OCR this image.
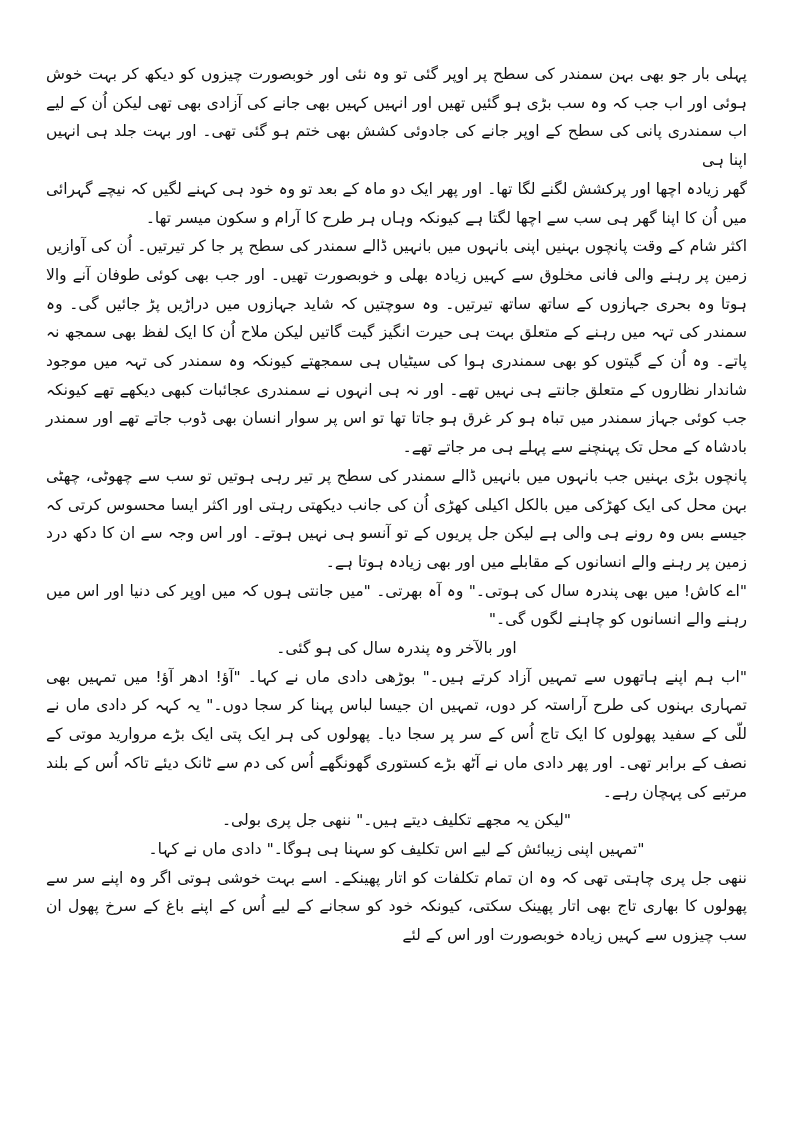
پہلی بار جو بھی بہن سمندر کی سطح پر اوپر گئی تو وہ نئی اور خوبصورت چیزوں کو دیکھ کر بہت خوش ہوئی اور اب جب کہ وہ سب بڑی ہو گئیں تھیں اور انہیں کہیں بھی جانے کی آزادی بھی تھی لیکن اُن کے لیے اب سمندری پانی کی سطح کے اوپر جانے کی جادوئی کشش بھی ختم ہو گئی تھی۔ اور بہت جلد ہی انہیں اپنا ہی

گھر زیادہ اچھا اور پرکشش لگنے لگا تھا۔ اور پھر ایک دو ماہ کے بعد تو وہ خود ہی کہنے لگیں کہ نیچے گہرائی میں اُن کا اپنا گھر ہی سب سے اچھا لگتا ہے کیونکہ وہاں ہر طرح کا آرام و سکون میسر تھا۔

اکثر شام کے وقت پانچوں بہنیں اپنی بانہوں میں بانہیں ڈالے سمندر کی سطح پر جا کر تیرتیں۔ اُن کی آوازیں زمین پر رہنے والی فانی مخلوق سے کہیں زیادہ بھلی و خوبصورت تھیں۔ اور جب بھی کوئی طوفان آنے والا ہوتا وہ بحری جہازوں کے ساتھ ساتھ تیرتیں۔ وہ سوچتیں کہ شاید جہازوں میں دراڑیں پڑ جائیں گی۔ وہ سمندر کی تہہ میں رہنے کے متعلق بہت ہی حیرت انگیز گیت گاتیں لیکن ملاح اُن کا ایک لفظ بھی سمجھ نہ پاتے۔ وہ اُن کے گیتوں کو بھی سمندری ہوا کی سیٹیاں ہی سمجھتے کیونکہ وہ سمندر کی تہہ میں موجود شاندار نظاروں کے متعلق جانتے ہی نہیں تھے۔ اور نہ ہی انہوں نے سمندری عجائبات کبھی دیکھے تھے کیونکہ جب کوئی جہاز سمندر میں تباہ ہو کر غرق ہو جاتا تھا تو اس پر سوار انسان بھی ڈوب جاتے تھے اور سمندر بادشاہ کے محل تک پہنچنے سے پہلے ہی مر جاتے تھے۔

پانچوں بڑی بہنیں جب بانہوں میں بانہیں ڈالے سمندر کی سطح پر تیر رہی ہوتیں تو سب سے چھوٹی، چھٹی بہن محل کی ایک کھڑکی میں بالکل اکیلی کھڑی اُن کی جانب دیکھتی رہتی اور اکثر ایسا محسوس کرتی کہ جیسے بس وہ رونے ہی والی ہے لیکن جل پریوں کے تو آنسو ہی نہیں ہوتے۔ اور اس وجہ سے ان کا دکھ درد زمین پر رہنے والے انسانوں کے مقابلے میں اور بھی زیادہ ہوتا ہے۔

"اے کاش! میں بھی پندرہ سال کی ہوتی۔" وہ آہ بھرتی۔ "میں جانتی ہوں کہ میں اوپر کی دنیا اور اس میں رہنے والے انسانوں کو چاہنے لگوں گی۔"

اور بالآخر وہ پندرہ سال کی ہو گئی۔

"اب ہم اپنے ہاتھوں سے تمہیں آزاد کرتے ہیں۔" بوڑھی دادی ماں نے کہا۔ "آؤ! ادھر آؤ! میں تمہیں بھی تمہاری بہنوں کی طرح آراستہ کر دوں، تمہیں ان جیسا لباس پہنا کر سجا دوں۔" یہ کہہ کر دادی ماں نے للّی کے سفید پھولوں کا ایک تاج اُس کے سر پر سجا دیا۔ پھولوں کی ہر ایک پتی ایک بڑے مروارید موتی کے نصف کے برابر تھی۔ اور پھر دادی ماں نے آٹھ بڑے کستوری گھونگھے اُس کی دم سے ٹانک دیئے تاکہ اُس کے بلند مرتبے کی پہچان رہے۔

"لیکن یہ مجھے تکلیف دیتے ہیں۔" ننھی جل پری بولی۔

"تمہیں اپنی زیبائش کے لیے اس تکلیف کو سہنا ہی ہوگا۔" دادی ماں نے کہا۔

ننھی جل پری چاہتی تھی کہ وہ ان تمام تکلفات کو اتار پھینکے۔ اسے بہت خوشی ہوتی اگر وہ اپنے سر سے پھولوں کا بھاری تاج بھی اتار پھینک سکتی، کیونکہ خود کو سجانے کے لیے اُس کے اپنے باغ کے سرخ پھول ان سب چیزوں سے کہیں زیادہ خوبصورت اور اس کے لئے
